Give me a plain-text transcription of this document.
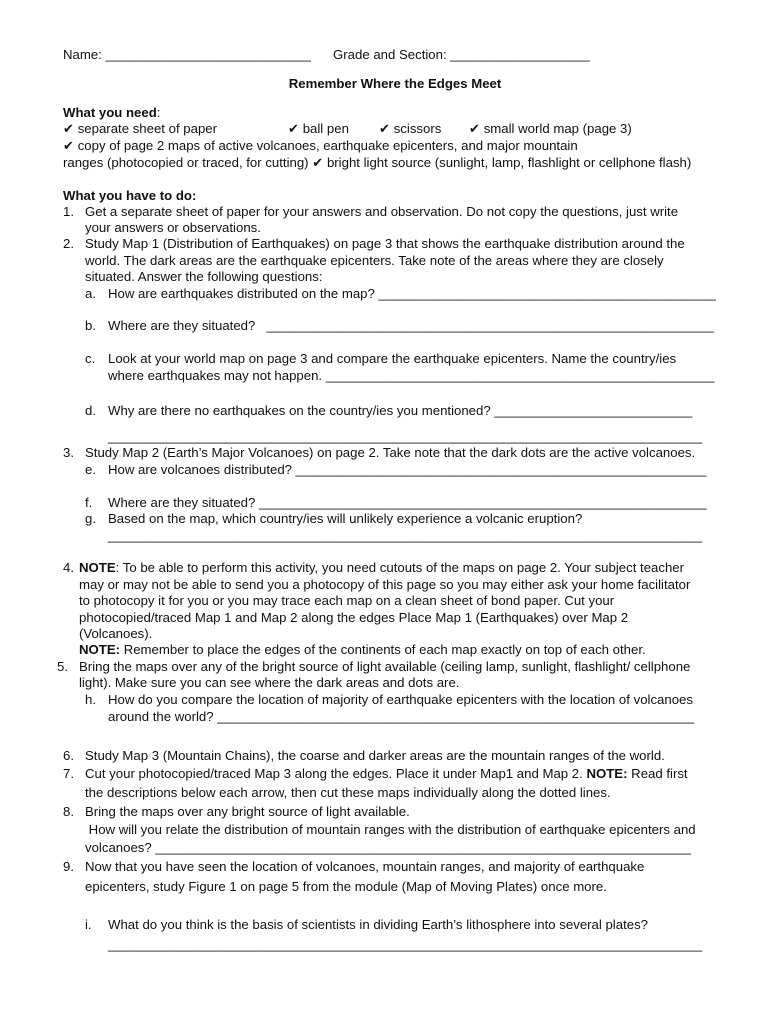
Name: ____________________________ Grade and Section: ___________________
Remember Where the Edges Meet
What you need:
✔ separate sheet of paper	✔ ball pen ✔ scissors ✔ small world map (page 3)
✔ copy of page 2 maps of active volcanoes, earthquake epicenters, and major mountain
ranges (photocopied or traced, for cutting) ✔ bright light source (sunlight, lamp, flashlight or cellphone flash)
What you have to do:
1. Get a separate sheet of paper for your answers and observation. Do not copy the questions, just write
your answers or observations.
2. Study Map 1 (Distribution of Earthquakes) on page 3 that shows the earthquake distribution around the
world. The dark areas are the earthquake epicenters. Take note of the areas where they are closely
situated. Answer the following questions:
a. How are earthquakes distributed on the map? ______________________________________________
b. Where are they situated?   _____________________________________________________________
c. Look at your world map on page 3 and compare the earthquake epicenters. Name the country/ies
where earthquakes may not happen. _____________________________________________________
d. Why are there no earthquakes on the country/ies you mentioned? ___________________________
_________________________________________________________________________________
3. Study Map 2 (Earth’s Major Volcanoes) on page 2. Take note that the dark dots are the active volcanoes.
e. How are volcanoes distributed? ________________________________________________________
f. Where are they situated? _____________________________________________________________
g. Based on the map, which country/ies will unlikely experience a volcanic eruption?
_________________________________________________________________________________
4. NOTE: To be able to perform this activity, you need cutouts of the maps on page 2. Your subject teacher
may or may not be able to send you a photocopy of this page so you may either ask your home facilitator
to photocopy it for you or you may trace each map on a clean sheet of bond paper. Cut your
photocopied/traced Map 1 and Map 2 along the edges Place Map 1 (Earthquakes) over Map 2
(Volcanoes).
NOTE: Remember to place the edges of the continents of each map exactly on top of each other.
5. Bring the maps over any of the bright source of light available (ceiling lamp, sunlight, flashlight/ cellphone
light). Make sure you can see where the dark areas and dots are.
h. How do you compare the location of majority of earthquake epicenters with the location of volcanoes
around the world? _________________________________________________________________
6. Study Map 3 (Mountain Chains), the coarse and darker areas are the mountain ranges of the world.
7. Cut your photocopied/traced Map 3 along the edges. Place it under Map1 and Map 2. NOTE: Read first
the descriptions below each arrow, then cut these maps individually along the dotted lines.
8. Bring the maps over any bright source of light available.
How will you relate the distribution of mountain ranges with the distribution of earthquake epicenters and
volcanoes? _________________________________________________________________________
9. Now that you have seen the location of volcanoes, mountain ranges, and majority of earthquake
epicenters, study Figure 1 on page 5 from the module (Map of Moving Plates) once more.
i. What do you think is the basis of scientists in dividing Earth’s lithosphere into several plates?
_________________________________________________________________________________
